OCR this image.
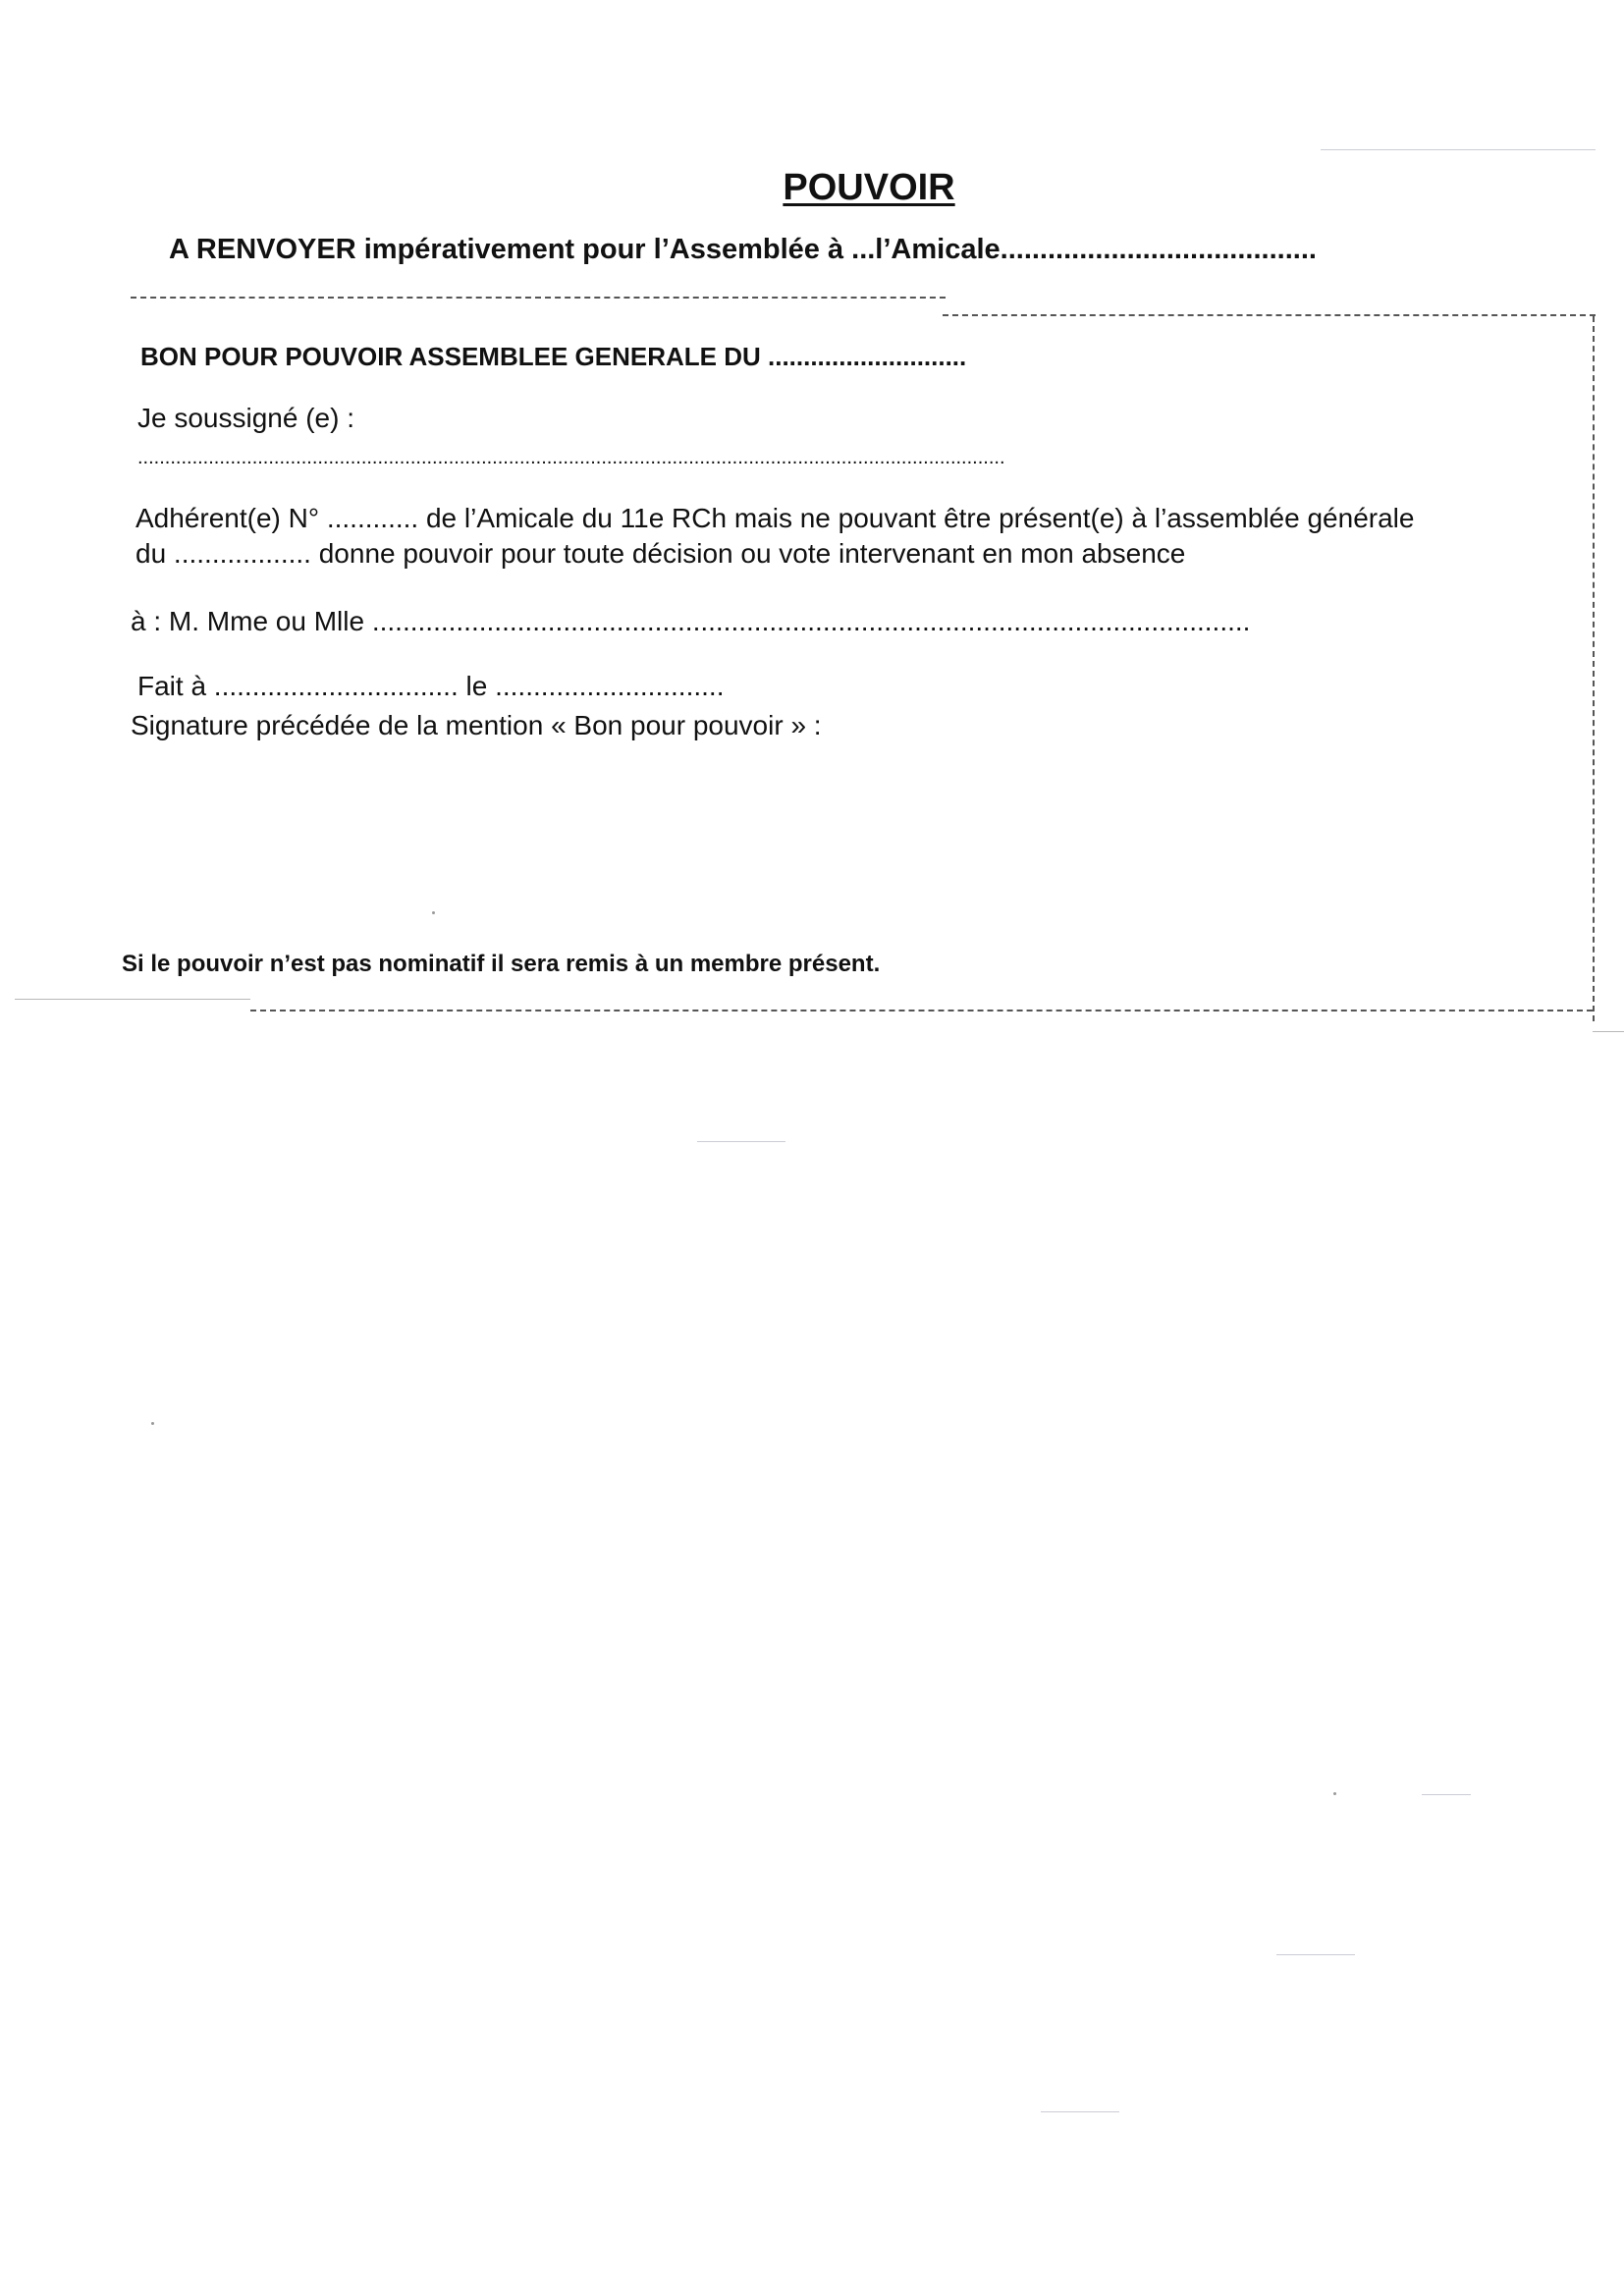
POUVOIR
A RENVOYER impérativement pour l’Assemblée à ...l’Amicale........................................
BON POUR POUVOIR ASSEMBLEE GENERALE DU ............................
Je soussigné (e) :
...............................................................................................................................................................
Adhérent(e) N° ............ de l’Amicale du 11e RCh mais ne pouvant être présent(e) à l’assemblée générale
du .................. donne pouvoir pour toute décision ou vote intervenant en mon absence
à : M. Mme ou Mlle ...................................................................................................................
Fait à ................................ le ..............................
Signature précédée de la mention « Bon pour pouvoir » :
Si le pouvoir n’est pas nominatif il sera remis à un membre présent.
